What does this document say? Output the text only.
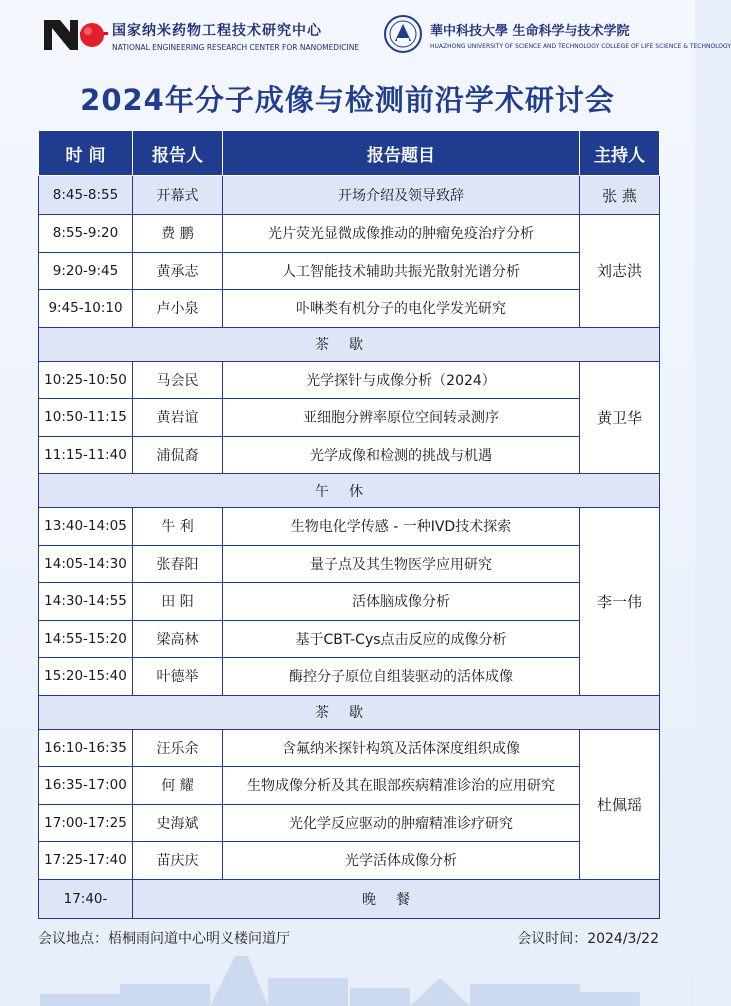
国家纳米药物工程技术研究中心
NATIONAL ENGINEERING RESEARCH CENTER FOR NANOMEDICINE
華中科技大學 生命科学与技术学院
HUAZHONG UNIVERSITY OF SCIENCE AND TECHNOLOGY COLLEGE OF LIFE SCIENCE & TECHNOLOGY
2024年分子成像与检测前沿学术研讨会
时 间	报告人	报告题目	主持人
8:45-8:55	开幕式	开场介绍及领导致辞	张 燕
8:55-9:20	费 鹏	光片荧光显微成像推动的肿瘤免疫治疗分析	刘志洪
9:20-9:45	黄承志	人工智能技术辅助共振光散射光谱分析	
9:45-10:10	卢小泉	卟啉类有机分子的电化学发光研究	
茶歇			
10:25-10:50	马会民	光学探针与成像分析（2024）	黄卫华
10:50-11:15	黄岩谊	亚细胞分辨率原位空间转录测序	
11:15-11:40	浦侃裔	光学成像和检测的挑战与机遇	
午休			
13:40-14:05	牛 利	生物电化学传感 - 一种IVD技术探索	李一伟
14:05-14:30	张春阳	量子点及其生物医学应用研究	
14:30-14:55	田 阳	活体脑成像分析	
14:55-15:20	梁高林	基于CBT-Cys点击反应的成像分析	
15:20-15:40	叶德举	酶控分子原位自组装驱动的活体成像	
茶歇			
16:10-16:35	汪乐余	含氟纳米探针构筑及活体深度组织成像	杜佩瑶
16:35-17:00	何 耀	生物成像分析及其在眼部疾病精准诊治的应用研究	
17:00-17:25	史海斌	光化学反应驱动的肿瘤精准诊疗研究	
17:25-17:40	苗庆庆	光学活体成像分析	
17:40-	晚餐		
会议地点：梧桐雨问道中心明义楼问道厅	会议时间：2024/3/22
